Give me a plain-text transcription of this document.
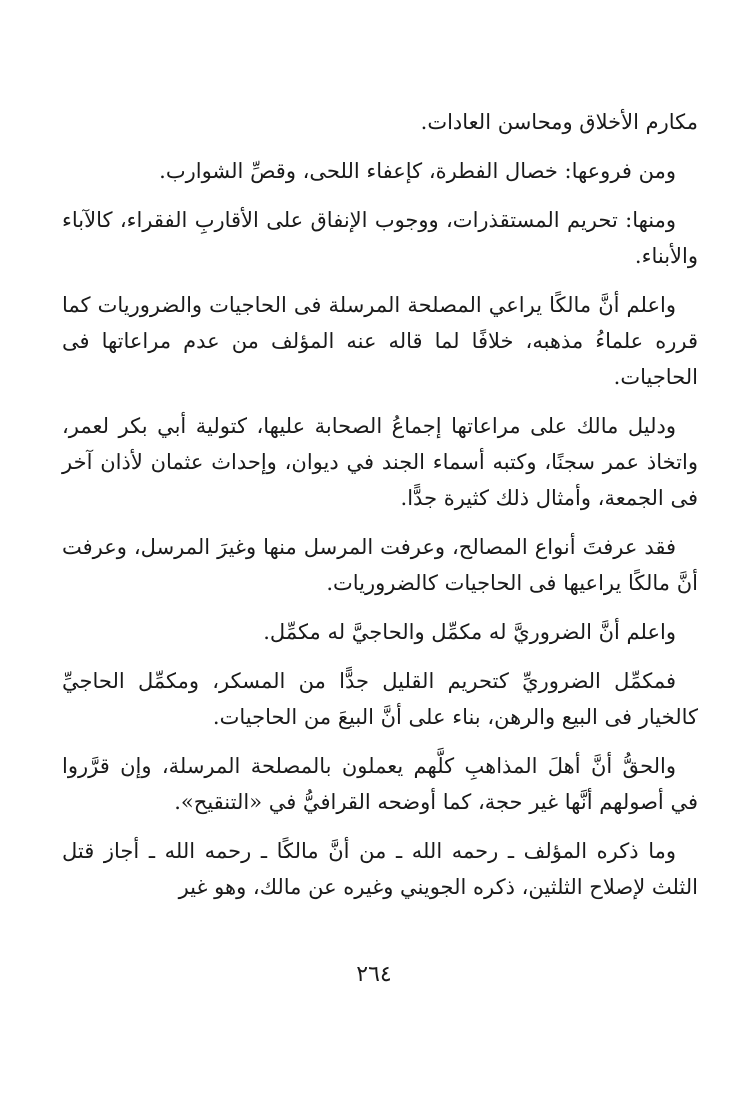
مكارم الأخلاق ومحاسن العادات.

ومن فروعها: خصال الفطرة، كإعفاء اللحى، وقصِّ الشوارب.

ومنها: تحريم المستقذرات، ووجوب الإنفاق على الأقاربِ الفقراء، كالآباء والأبناء.

واعلم أنَّ مالكًا يراعي المصلحة المرسلة فى الحاجيات والضروريات كما قرره علماءُ مذهبه، خلافًا لما قاله عنه المؤلف من عدم مراعاتها فى الحاجيات.

ودليل مالك على مراعاتها إجماعُ الصحابة عليها، كتولية أبي بكر لعمر، واتخاذ عمر سجنًا، وكتبه أسماء الجند في ديوان، وإحداث عثمان لأذان آخر فى الجمعة، وأمثال ذلك كثيرة جدًّا.

فقد عرفتَ أنواع المصالح، وعرفت المرسل منها وغيرَ المرسل، وعرفت أنَّ مالكًا يراعيها فى الحاجيات كالضروريات.

واعلم أنَّ الضروريَّ له مكمِّل والحاجيَّ له مكمِّل.

فمكمِّل الضروريِّ كتحريم القليل جدًّا من المسكر، ومكمِّل الحاجيِّ كالخيار فى البيع والرهن، بناء على أنَّ البيعَ من الحاجيات.

والحقُّ أنَّ أهلَ المذاهبِ كلَّهم يعملون بالمصلحة المرسلة، وإن قرَّروا في أصولهم أنَّها غير حجة، كما أوضحه القرافيُّ في «التنقيح».

وما ذكره المؤلف ـ رحمه الله ـ من أنَّ مالكًا ـ رحمه الله ـ أجاز قتل الثلث لإصلاح الثلثين، ذكره الجويني وغيره عن مالك، وهو غير

٢٦٤
